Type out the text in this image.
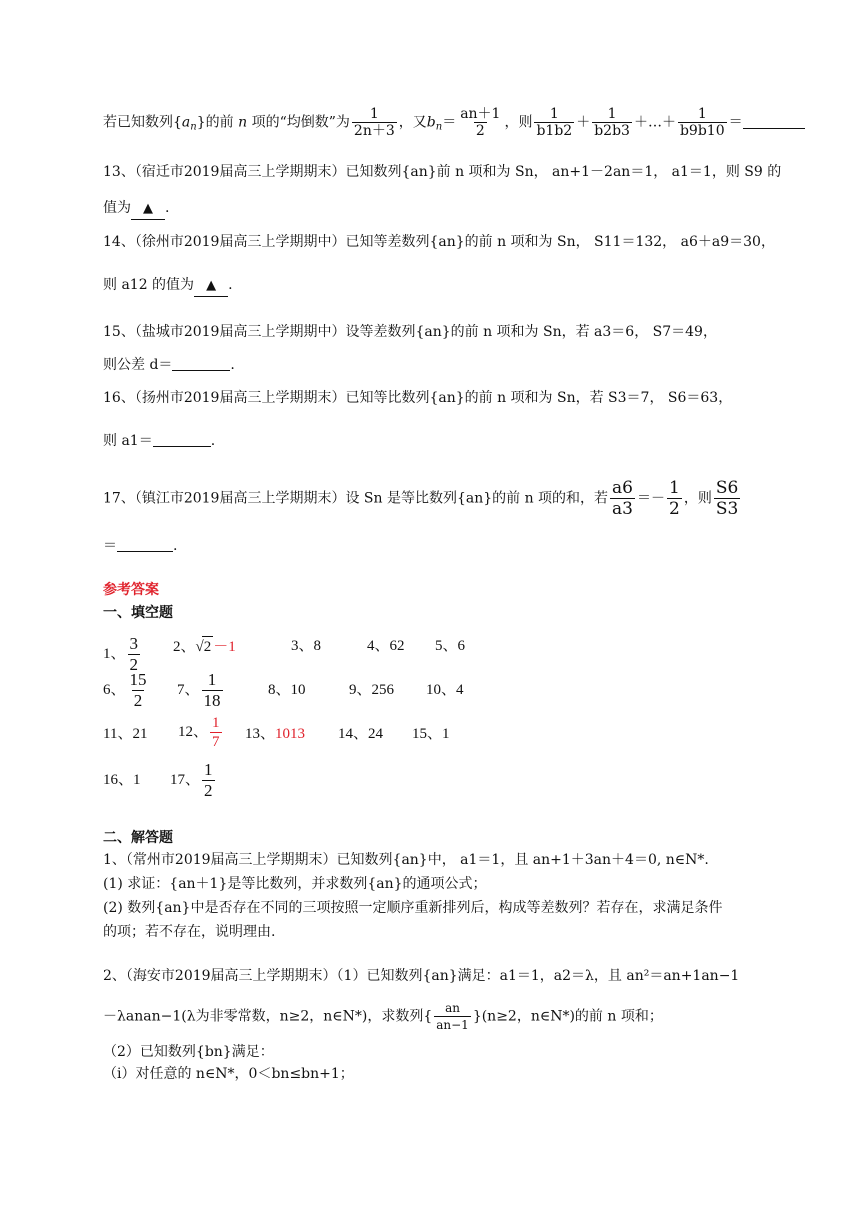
若已知数列$\{a_n\}$的前 n 项的“均倒数”为 $\frac{1}{2n+3}$ ，又$b_n= \frac{an+1}{2}$ ，则 $\frac{1}{b1b2} + \frac{1}{b2b3}$ ＋…＋ $\frac{1}{b9b10}$ ＝
13、（宿迁市2019届高三上学期期末）已知数列{an}前 n 项和为 Sn， an+1－2an＝1， a1＝1，则 S9 的
值为 ▲ .
14、（徐州市2019届高三上学期期中）已知等差数列{an}的前 n 项和为 Sn， S11＝132， a6＋a9＝30，
则 a12 的值为 ▲ .
15、（盐城市2019届高三上学期期中）设等差数列{an}的前 n 项和为 Sn，若 a3＝6， S7＝49，
则公差 d＝	.
16、（扬州市2019届高三上学期期末）已知等比数列{an}的前 n 项和为 Sn，若 S3＝7， S6＝63，
则 a1＝	.
17、（镇江市2019届高三上学期期末）设 Sn 是等比数列{an}的前 n 项的和，若 $\frac{a6}{a3} =- \frac{1}{2}$ ，则 $\frac{S6}{S3}$
＝	.
参考答案
一、填空题
1、 $\frac{3}{2} 2$、√2 －1	3、8	4、62 5、6
6、 $\frac{15}{2} 7$、 $\frac{1}{18}$	8、10	9、256 10、4
11、21 12、 $\frac{1}{7} 13$、1013 14、24 15、1
16、1 17、 $\frac{1}{2}$
二、解答题
1、（常州市2019届高三上学期期末）已知数列{an}中， a1＝1，且 an+1＋3an＋4＝0, n∈N*.
(1) 求证：{an＋1}是等比数列，并求数列{an}的通项公式；
(2) 数列{an}中是否存在不同的三项按照一定顺序重新排列后，构成等差数列？若存在，求满足条件
的项；若不存在，说明理由.
2、（海安市2019届高三上学期期末）（1）已知数列{an}满足：a1＝1，a2＝λ，且 an²＝an+1an−1
－λanan−1(λ为非零常数，n≥2，n∈N*)，求数列{ $\frac{an}{an-1} \}(n\ge 2$，n∈N*)的前 n 项和；
（2）已知数列{bn}满足：
（i）对任意的 n∈N*，0＜bn≤bn+1；
